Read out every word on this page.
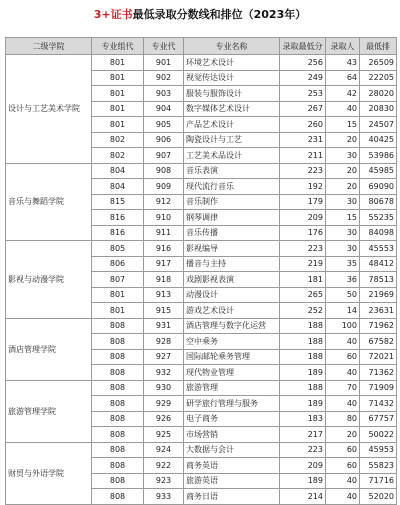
3+证书最低录取分数线和排位（2023年）
二级学院	专业组代	专业代	专业名称	录取最低分	录取人	最低排
设计与工艺美术学院	801	901	环境艺术设计	256	43	26509
	801	902	视觉传达设计	249	64	22205
	801	903	服装与服饰设计	253	42	28020
	801	904	数字媒体艺术设计	267	40	20830
	801	905	产品艺术设计	260	15	24507
	802	906	陶瓷设计与工艺	231	20	40425
	802	907	工艺美术品设计	211	30	53986
音乐与舞蹈学院	804	908	音乐表演	223	20	45985
	804	909	现代流行音乐	192	20	69090
	815	912	音乐制作	179	30	80678
	816	910	钢琴调律	209	15	55235
	816	911	音乐传播	176	30	84098
影视与动漫学院	805	916	影视编导	223	30	45553
	806	917	播音与主持	219	35	48412
	807	918	戏剧影视表演	181	36	78513
	801	913	动漫设计	265	50	21969
	801	915	游戏艺术设计	252	14	23631
酒店管理学院	808	931	酒店管理与数字化运营	188	100	71962
	808	928	空中乘务	188	40	67582
	808	927	国际邮轮乘务管理	188	60	72021
	808	932	现代物业管理	189	40	71362
旅游管理学院	808	930	旅游管理	188	70	71909
	808	929	研学旅行管理与服务	189	40	71432
	808	926	电子商务	183	80	67757
	808	925	市场营销	217	20	50022
财贸与外语学院	808	924	大数据与会计	223	60	45953
	808	922	商务英语	209	60	55823
	808	923	旅游英语	189	40	71716
	808	933	商务日语	214	40	52020
